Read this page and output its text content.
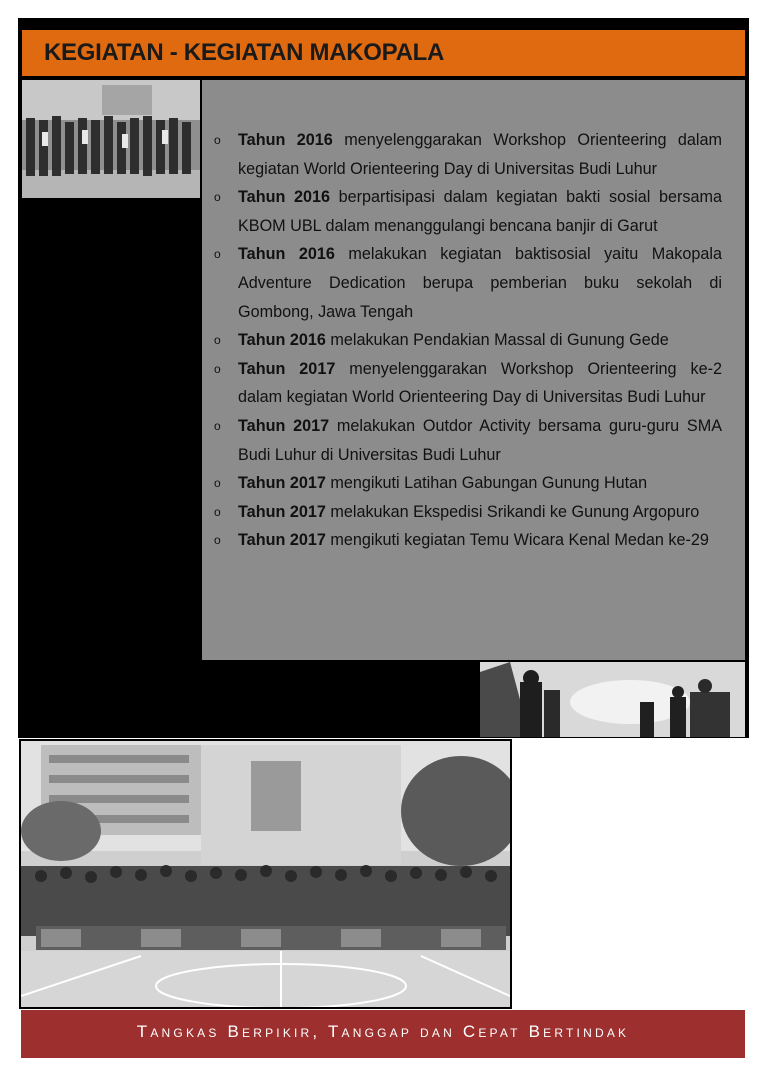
KEGIATAN - KEGIATAN MAKOPALA
o Tahun 2016 menyelenggarakan Workshop Orienteering dalam kegiatan World Orienteering Day di Universitas Budi Luhur
o Tahun 2016 berpartisipasi dalam kegiatan bakti sosial bersama KBOM UBL dalam menanggulangi bencana banjir di Garut
o Tahun 2016 melakukan kegiatan baktisosial yaitu Makopala Adventure Dedication berupa pemberian buku sekolah di Gombong, Jawa Tengah
o Tahun 2016 melakukan Pendakian Massal di Gunung Gede
o Tahun 2017 menyelenggarakan Workshop Orienteering ke-2 dalam kegiatan World Orienteering Day di Universitas Budi Luhur
o Tahun 2017 melakukan Outdor Activity bersama guru-guru SMA Budi Luhur di Universitas Budi Luhur
o Tahun 2017 mengikuti Latihan Gabungan Gunung Hutan
o Tahun 2017 melakukan Ekspedisi Srikandi ke Gunung Argopuro
o Tahun 2017 mengikuti kegiatan Temu Wicara Kenal Medan ke-29
Tangkas Berpikir, Tanggap dan Cepat Bertindak
